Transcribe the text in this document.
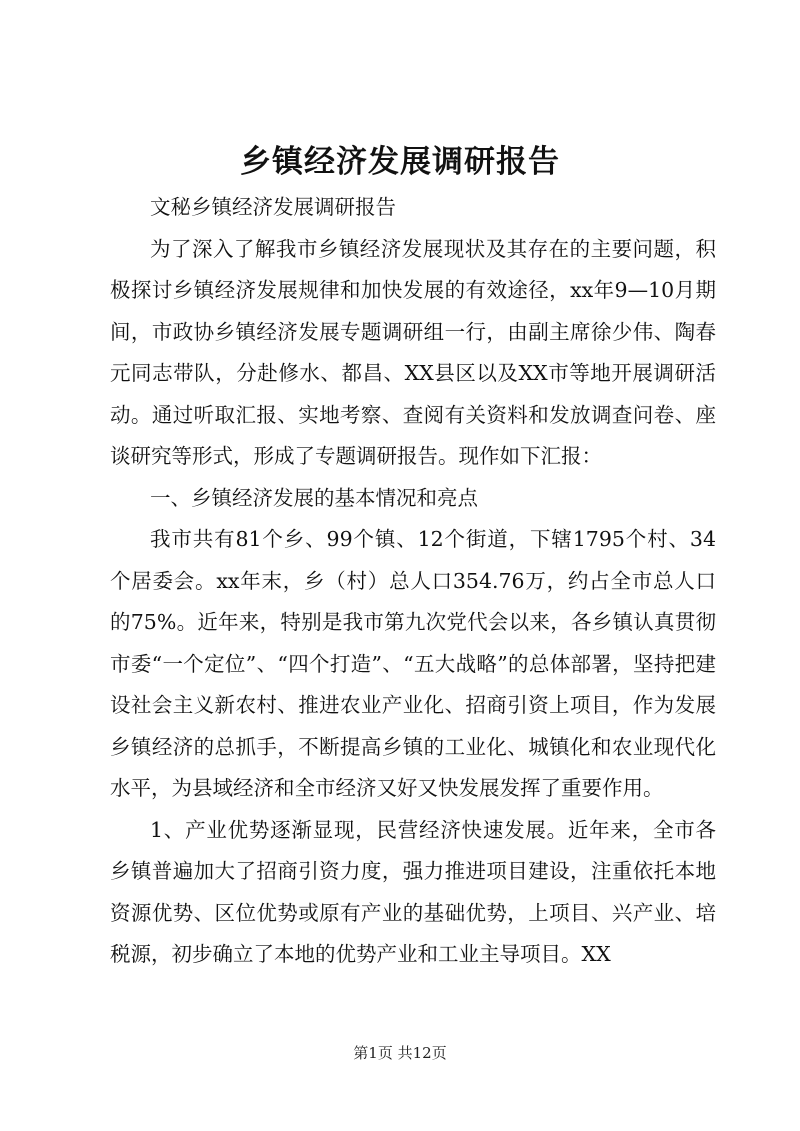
乡镇经济发展调研报告

文秘乡镇经济发展调研报告

为了深入了解我市乡镇经济发展现状及其存在的主要问题，积极探讨乡镇经济发展规律和加快发展的有效途径，xx年9—10月期间，市政协乡镇经济发展专题调研组一行，由副主席徐少伟、陶春元同志带队，分赴修水、都昌、XX县区以及XX市等地开展调研活动。通过听取汇报、实地考察、查阅有关资料和发放调查问卷、座谈研究等形式，形成了专题调研报告。现作如下汇报：

一、乡镇经济发展的基本情况和亮点

我市共有81个乡、99个镇、12个街道，下辖1795个村、34个居委会。xx年末，乡（村）总人口354.76万，约占全市总人口的75%。近年来，特别是我市第九次党代会以来，各乡镇认真贯彻市委“一个定位”、“四个打造”、“五大战略”的总体部署，坚持把建设社会主义新农村、推进农业产业化、招商引资上项目，作为发展乡镇经济的总抓手，不断提高乡镇的工业化、城镇化和农业现代化水平，为县域经济和全市经济又好又快发展发挥了重要作用。

1、产业优势逐渐显现，民营经济快速发展。近年来，全市各乡镇普遍加大了招商引资力度，强力推进项目建设，注重依托本地资源优势、区位优势或原有产业的基础优势，上项目、兴产业、培税源，初步确立了本地的优势产业和工业主导项目。XX

第1页 共12页
